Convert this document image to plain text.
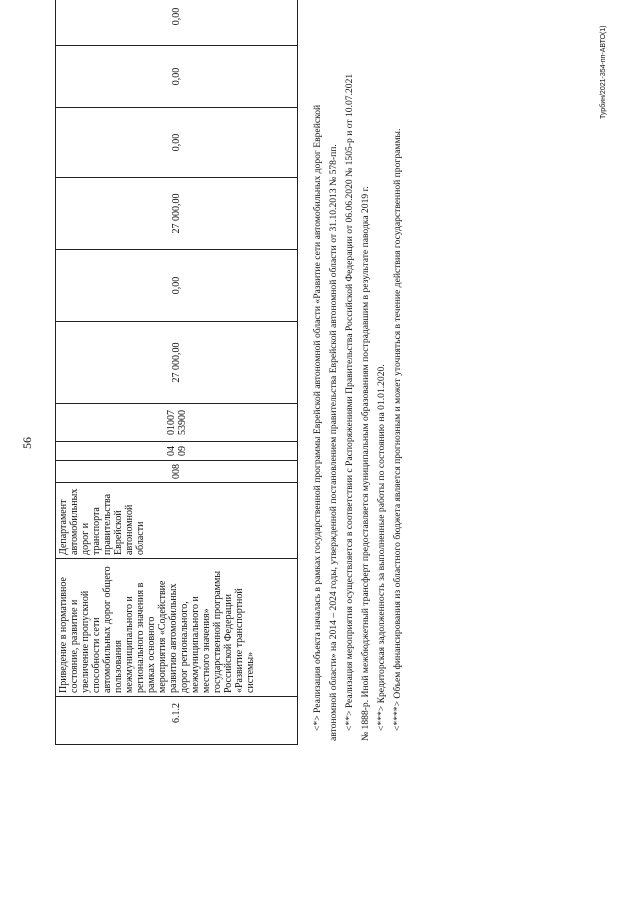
56
6.1.2	Приведение в нормативное состояние, развитие и увеличение пропускной способности сети автомобильных дорог общего пользования межмуниципального и регионального значения в рамках основного мероприятия «Содействие развитию автомобильных дорог регионального, межмуниципального и местного значения» государственной программы Российской Федерации «Развитие транспортной системы»	Департамент автомобильных дорог и транспорта правительства Еврейской автономной области	008	0409	01007 53900	27 000,00	0,00	27 000,00	0,00	0,00	0,00
<*> Реализация объекта началась в рамках государственной программы Еврейской автономной области «Развитие сети автомобильных дорог Еврейской автономной области» на 2014 – 2024 годы, утвержденной постановлением правительства Еврейской автономной области от 31.10.2013 № 578-пп. <**> Реализация мероприятия осуществляется в соответствии с Распоряжениями Правительства Российской Федерации от 06.06.2020 № 1505-р и от 10.07.2021 № 1888-р. Иной межбюджетный трансферт предоставляется муниципальным образованиям пострадавшим в результате паводка 2019 г. <***> Кредиторская задолженность за выполненные работы по состоянию на 01.01.2020. <****> Объем финансирования из областного бюджета является прогнозным и может уточняться в течение действия государственной программы.
Турбин/2021-354-пп-АВТО(1)
